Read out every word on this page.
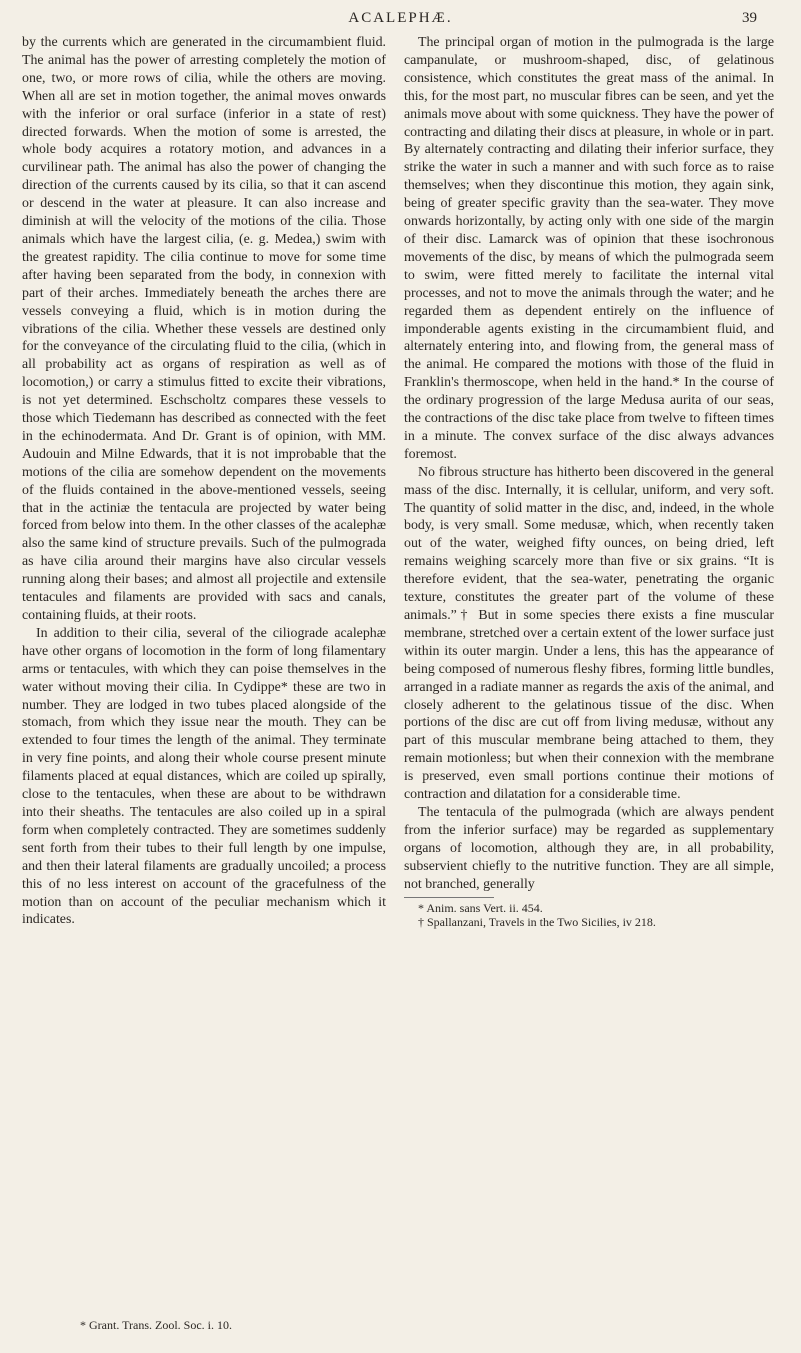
ACALEPHÆ.	39

by the currents which are generated in the circumambient fluid. The animal has the power of arresting completely the motion of one, two, or more rows of cilia, while the others are moving. When all are set in motion together, the animal moves onwards with the inferior or oral surface (inferior in a state of rest) directed forwards. When the motion of some is arrested, the whole body acquires a rotatory motion, and advances in a curvilinear path. The animal has also the power of changing the direction of the currents caused by its cilia, so that it can ascend or descend in the water at pleasure. It can also increase and diminish at will the velocity of the motions of the cilia. Those animals which have the largest cilia, (e. g. Medea,) swim with the greatest rapidity. The cilia continue to move for some time after having been separated from the body, in connexion with part of their arches. Immediately beneath the arches there are vessels conveying a fluid, which is in motion during the vibrations of the cilia. Whether these vessels are destined only for the conveyance of the circulating fluid to the cilia, (which in all probability act as organs of respiration as well as of locomotion,) or carry a stimulus fitted to excite their vibrations, is not yet determined. Eschscholtz compares these vessels to those which Tiedemann has described as connected with the feet in the echinodermata. And Dr. Grant is of opinion, with MM. Audouin and Milne Edwards, that it is not improbable that the motions of the cilia are somehow dependent on the movements of the fluids contained in the above-mentioned vessels, seeing that in the actiniæ the tentacula are projected by water being forced from below into them. In the other classes of the acalephæ also the same kind of structure prevails. Such of the pulmograda as have cilia around their margins have also circular vessels running along their bases; and almost all projectile and extensile tentacules and filaments are provided with sacs and canals, containing fluids, at their roots.

In addition to their cilia, several of the ciliograde acalephæ have other organs of locomotion in the form of long filamentary arms or tentacules, with which they can poise themselves in the water without moving their cilia. In Cydippe* these are two in number. They are lodged in two tubes placed alongside of the stomach, from which they issue near the mouth. They can be extended to four times the length of the animal. They terminate in very fine points, and along their whole course present minute filaments placed at equal distances, which are coiled up spirally, close to the tentacules, when these are about to be withdrawn into their sheaths. The tentacules are also coiled up in a spiral form when completely contracted. They are sometimes suddenly sent forth from their tubes to their full length by one impulse, and then their lateral filaments are gradually uncoiled; a process this of no less interest on account of the gracefulness of the motion than on account of the peculiar mechanism which it indicates.

* Grant. Trans. Zool. Soc. i. 10.

The principal organ of motion in the pulmograda is the large campanulate, or mushroom-shaped, disc, of gelatinous consistence, which constitutes the great mass of the animal. In this, for the most part, no muscular fibres can be seen, and yet the animals move about with some quickness. They have the power of contracting and dilating their discs at pleasure, in whole or in part. By alternately contracting and dilating their inferior surface, they strike the water in such a manner and with such force as to raise themselves; when they discontinue this motion, they again sink, being of greater specific gravity than the sea-water. They move onwards horizontally, by acting only with one side of the margin of their disc. Lamarck was of opinion that these isochronous movements of the disc, by means of which the pulmograda seem to swim, were fitted merely to facilitate the internal vital processes, and not to move the animals through the water; and he regarded them as dependent entirely on the influence of imponderable agents existing in the circumambient fluid, and alternately entering into, and flowing from, the general mass of the animal. He compared the motions with those of the fluid in Franklin's thermoscope, when held in the hand.* In the course of the ordinary progression of the large Medusa aurita of our seas, the contractions of the disc take place from twelve to fifteen times in a minute. The convex surface of the disc always advances foremost.

No fibrous structure has hitherto been discovered in the general mass of the disc. Internally, it is cellular, uniform, and very soft. The quantity of solid matter in the disc, and, indeed, in the whole body, is very small. Some medusæ, which, when recently taken out of the water, weighed fifty ounces, on being dried, left remains weighing scarcely more than five or six grains. “It is therefore evident, that the sea-water, penetrating the organic texture, constitutes the greater part of the volume of these animals.”† But in some species there exists a fine muscular membrane, stretched over a certain extent of the lower surface just within its outer margin. Under a lens, this has the appearance of being composed of numerous fleshy fibres, forming little bundles, arranged in a radiate manner as regards the axis of the animal, and closely adherent to the gelatinous tissue of the disc. When portions of the disc are cut off from living medusæ, without any part of this muscular membrane being attached to them, they remain motionless; but when their connexion with the membrane is preserved, even small portions continue their motions of contraction and dilatation for a considerable time.

The tentacula of the pulmograda (which are always pendent from the inferior surface) may be regarded as supplementary organs of locomotion, although they are, in all probability, subservient chiefly to the nutritive function. They are all simple, not branched, generally

* Anim. sans Vert. ii. 454.

† Spallanzani, Travels in the Two Sicilies, iv 218.
